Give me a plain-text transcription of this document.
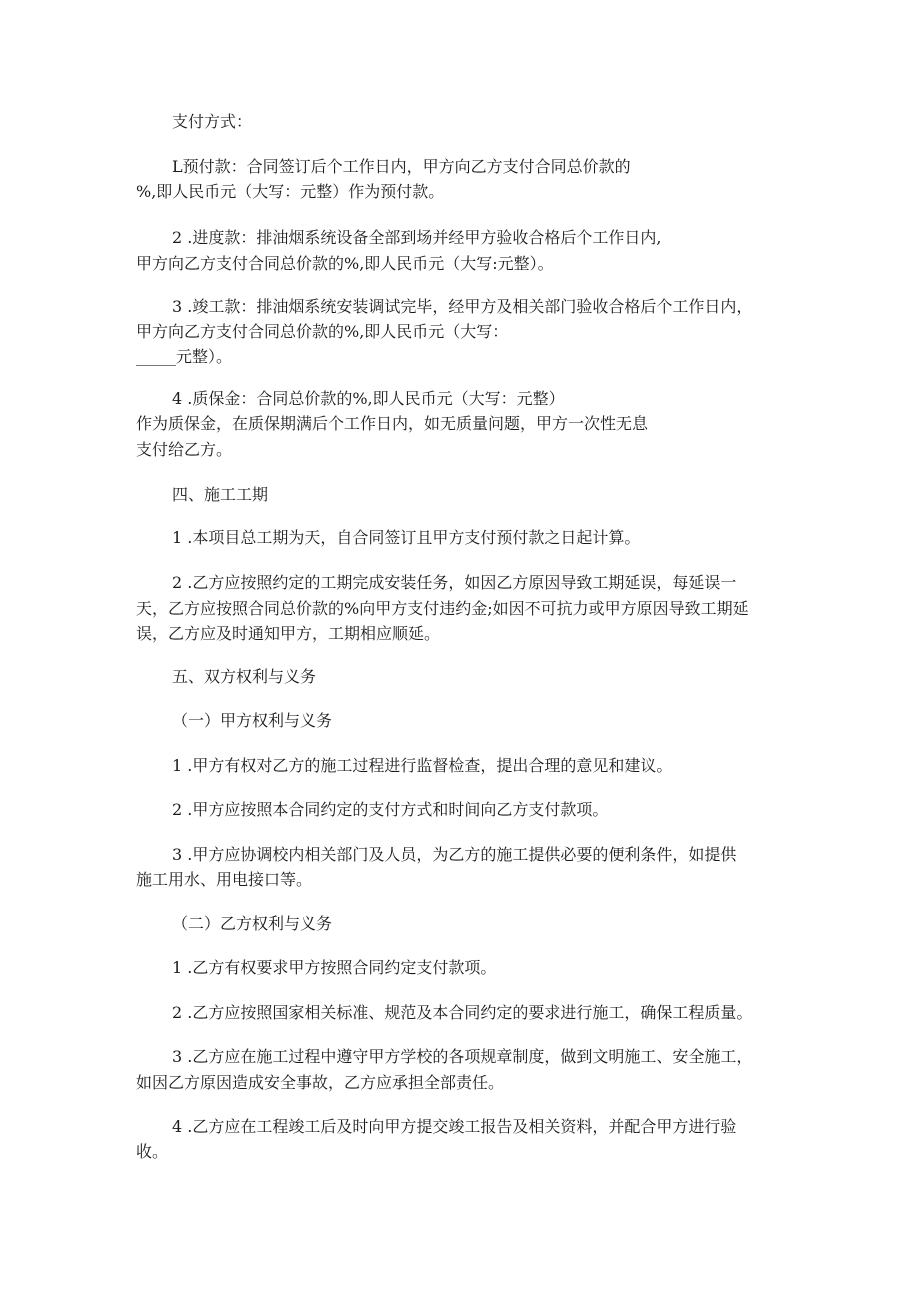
支付方式：
L预付款：合同签订后个工作日内，甲方向乙方支付合同总价款的
%,即人民币元（大写：元整）作为预付款。
2 .进度款：排油烟系统设备全部到场并经甲方验收合格后个工作日内,
甲方向乙方支付合同总价款的%,即人民币元（大写:元整）。
3 .竣工款：排油烟系统安装调试完毕，经甲方及相关部门验收合格后个工作日内，
甲方向乙方支付合同总价款的%,即人民币元（大写：
_____元整）。
4 .质保金：合同总价款的%,即人民币元（大写：元整）
作为质保金，在质保期满后个工作日内，如无质量问题，甲方一次性无息
支付给乙方。
四、施工工期
1 .本项目总工期为天，自合同签订且甲方支付预付款之日起计算。
2 .乙方应按照约定的工期完成安装任务，如因乙方原因导致工期延误，每延误一
天，乙方应按照合同总价款的%向甲方支付违约金;如因不可抗力或甲方原因导致工期延
误，乙方应及时通知甲方，工期相应顺延。
五、双方权利与义务
（一）甲方权利与义务
1 .甲方有权对乙方的施工过程进行监督检查，提出合理的意见和建议。
2 .甲方应按照本合同约定的支付方式和时间向乙方支付款项。
3 .甲方应协调校内相关部门及人员，为乙方的施工提供必要的便利条件，如提供
施工用水、用电接口等。
（二）乙方权利与义务
1 .乙方有权要求甲方按照合同约定支付款项。
2 .乙方应按照国家相关标准、规范及本合同约定的要求进行施工，确保工程质量。
3 .乙方应在施工过程中遵守甲方学校的各项规章制度，做到文明施工、安全施工，
如因乙方原因造成安全事故，乙方应承担全部责任。
4 .乙方应在工程竣工后及时向甲方提交竣工报告及相关资料，并配合甲方进行验
收。
